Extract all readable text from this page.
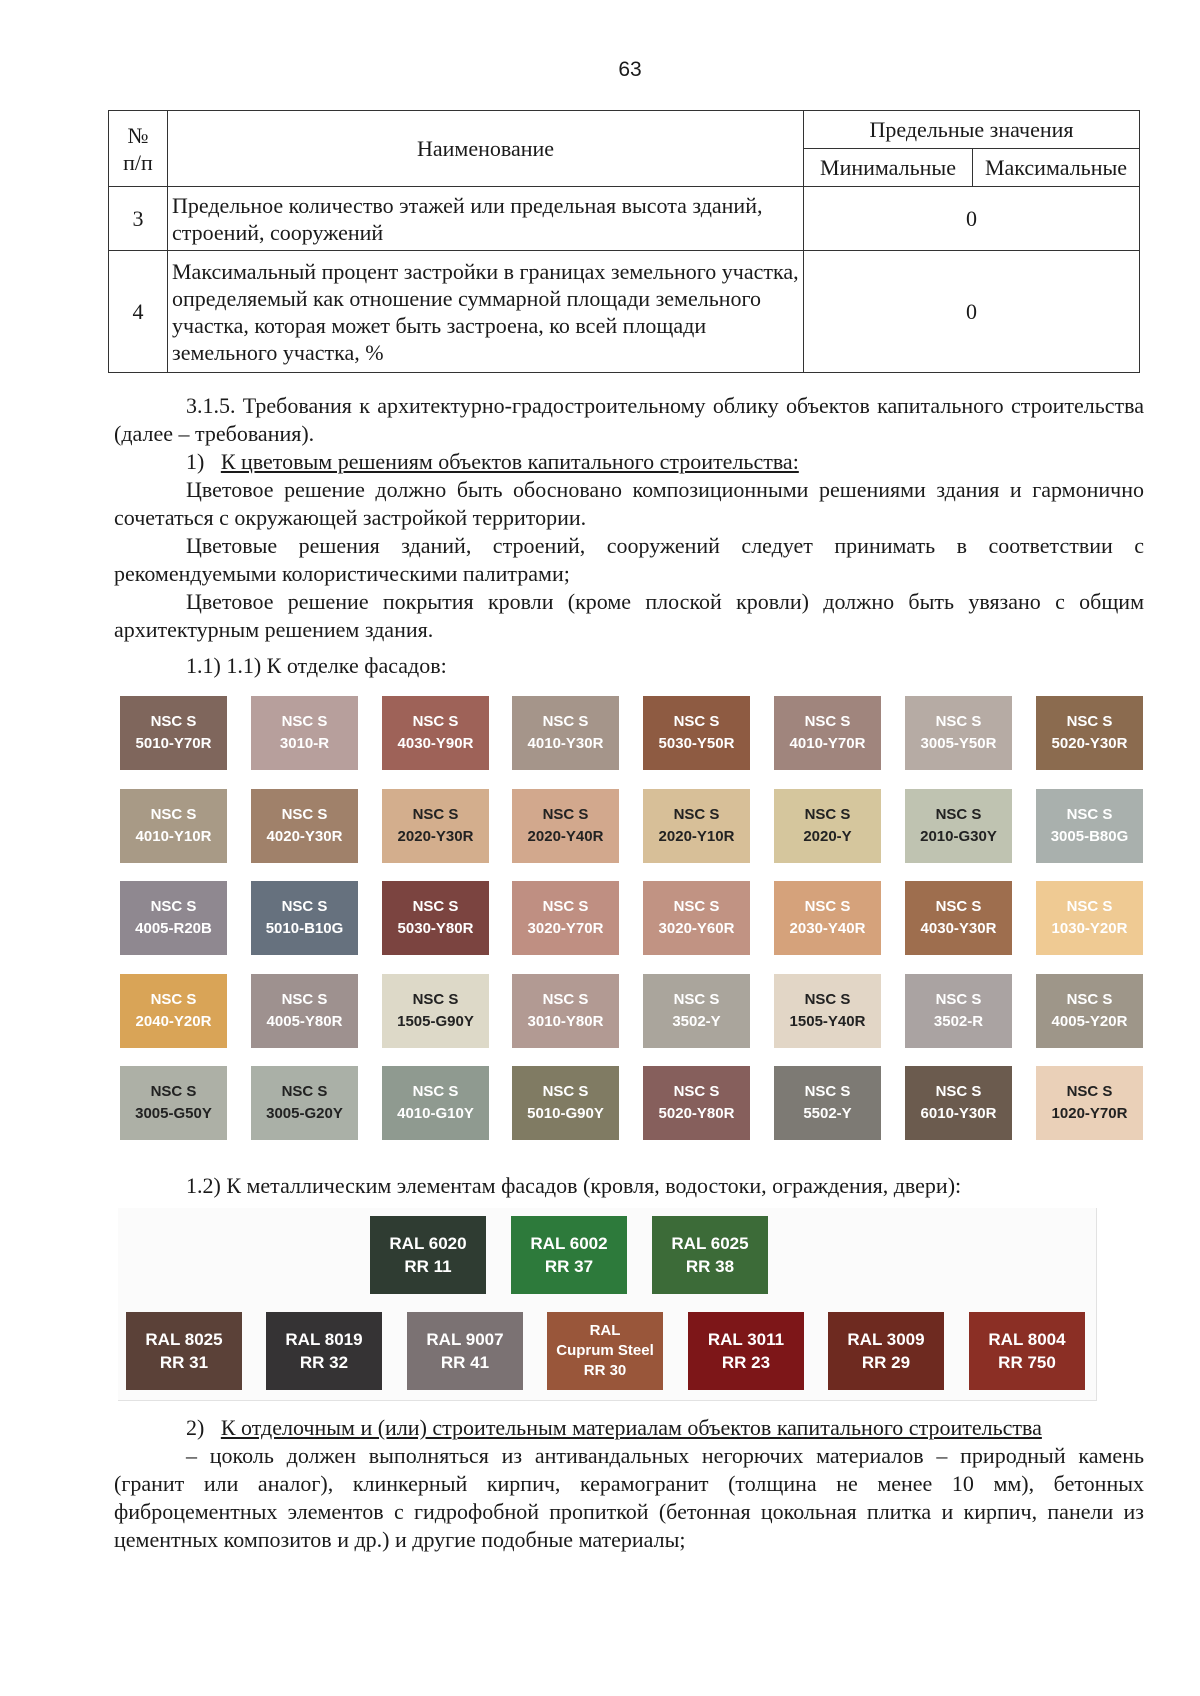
63
№
п/п	Наименование	Предельные значения	
		Минимальные	Максимальные
3	Предельное количество этажей или предельная высота зданий, строений, сооружений	0	
4	Максимальный процент застройки в границах земельного участка, определяемый как отношение суммарной площади земельного участка, которая может быть застроена, ко всей площади земельного участка, %	0	
3.1.5. Требования к архитектурно-градостроительному облику объектов капитального строительства (далее – требования).
1) К цветовым решениям объектов капитального строительства:
Цветовое решение должно быть обосновано композиционными решениями здания и гармонично сочетаться с окружающей застройкой территории.
Цветовые решения зданий, строений, сооружений следует принимать в соответствии с рекомендуемыми колористическими палитрами;
Цветовое решение покрытия кровли (кроме плоской кровли) должно быть увязано с общим архитектурным решением здания.
1.1) 1.1) К отделке фасадов:
NSC S
5010-Y70R
NSC S
3010-R
NSC S
4030-Y90R
NSC S
4010-Y30R
NSC S
5030-Y50R
NSC S
4010-Y70R
NSC S
3005-Y50R
NSC S
5020-Y30R
NSC S
4010-Y10R
NSC S
4020-Y30R
NSC S
2020-Y30R
NSC S
2020-Y40R
NSC S
2020-Y10R
NSC S
2020-Y
NSC S
2010-G30Y
NSC S
3005-B80G
NSC S
4005-R20B
NSC S
5010-B10G
NSC S
5030-Y80R
NSC S
3020-Y70R
NSC S
3020-Y60R
NSC S
2030-Y40R
NSC S
4030-Y30R
NSC S
1030-Y20R
NSC S
2040-Y20R
NSC S
4005-Y80R
NSC S
1505-G90Y
NSC S
3010-Y80R
NSC S
3502-Y
NSC S
1505-Y40R
NSC S
3502-R
NSC S
4005-Y20R
NSC S
3005-G50Y
NSC S
3005-G20Y
NSC S
4010-G10Y
NSC S
5010-G90Y
NSC S
5020-Y80R
NSC S
5502-Y
NSC S
6010-Y30R
NSC S
1020-Y70R
1.2) К металлическим элементам фасадов (кровля, водостоки, ограждения, двери):
RAL 6020
RR 11
RAL 6002
RR 37
RAL 6025
RR 38
RAL 8025
RR 31
RAL 8019
RR 32
RAL 9007
RR 41
RAL
Cuprum Steel
RR 30
RAL 3011
RR 23
RAL 3009
RR 29
RAL 8004
RR 750
2) К отделочным и (или) строительным материалам объектов капитального строительства
– цоколь должен выполняться из антивандальных негорючих материалов – природный камень (гранит или аналог), клинкерный кирпич, керамогранит (толщина не менее 10 мм), бетонных фиброцементных элементов с гидрофобной пропиткой (бетонная цокольная плитка и кирпич, панели из цементных композитов и др.) и другие подобные материалы;
